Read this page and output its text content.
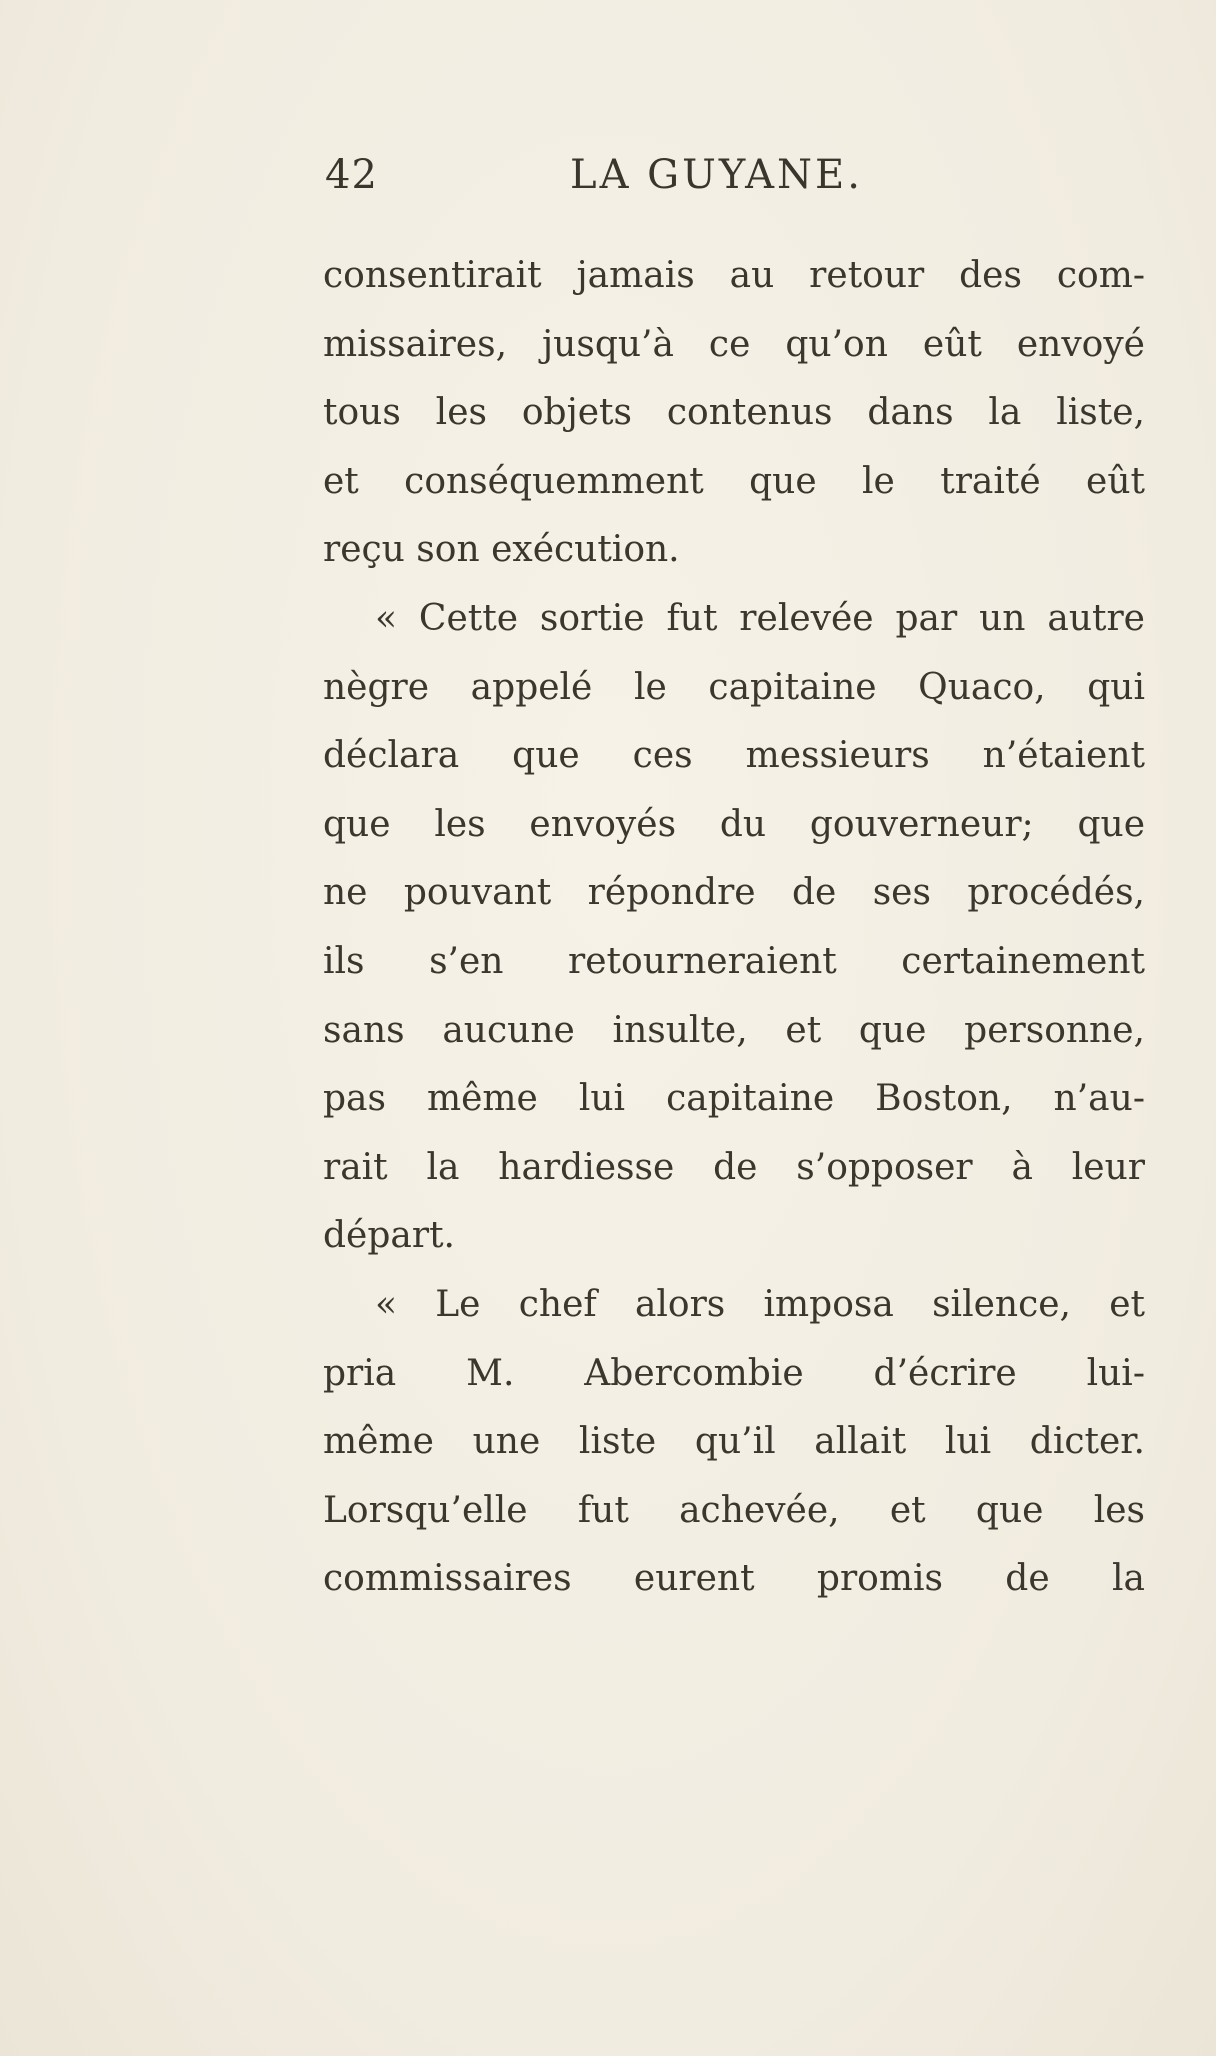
42	LA GUYANE.
consentirait jamais au retour des com-
missaires, jusqu’à ce qu’on eût envoyé
tous les objets contenus dans la liste,
et conséquemment que le traité eût
reçu son exécution.
« Cette sortie fut relevée par un autre
nègre appelé le capitaine Quaco, qui
déclara que ces messieurs n’étaient
que les envoyés du gouverneur; que
ne pouvant répondre de ses procédés,
ils s’en retourneraient certainement
sans aucune insulte, et que personne,
pas même lui capitaine Boston, n’au-
rait la hardiesse de s’opposer à leur
départ.
« Le chef alors imposa silence, et
pria M. Abercombie d’écrire lui-
même une liste qu’il allait lui dicter.
Lorsqu’elle fut achevée, et que les
commissaires eurent promis de la
